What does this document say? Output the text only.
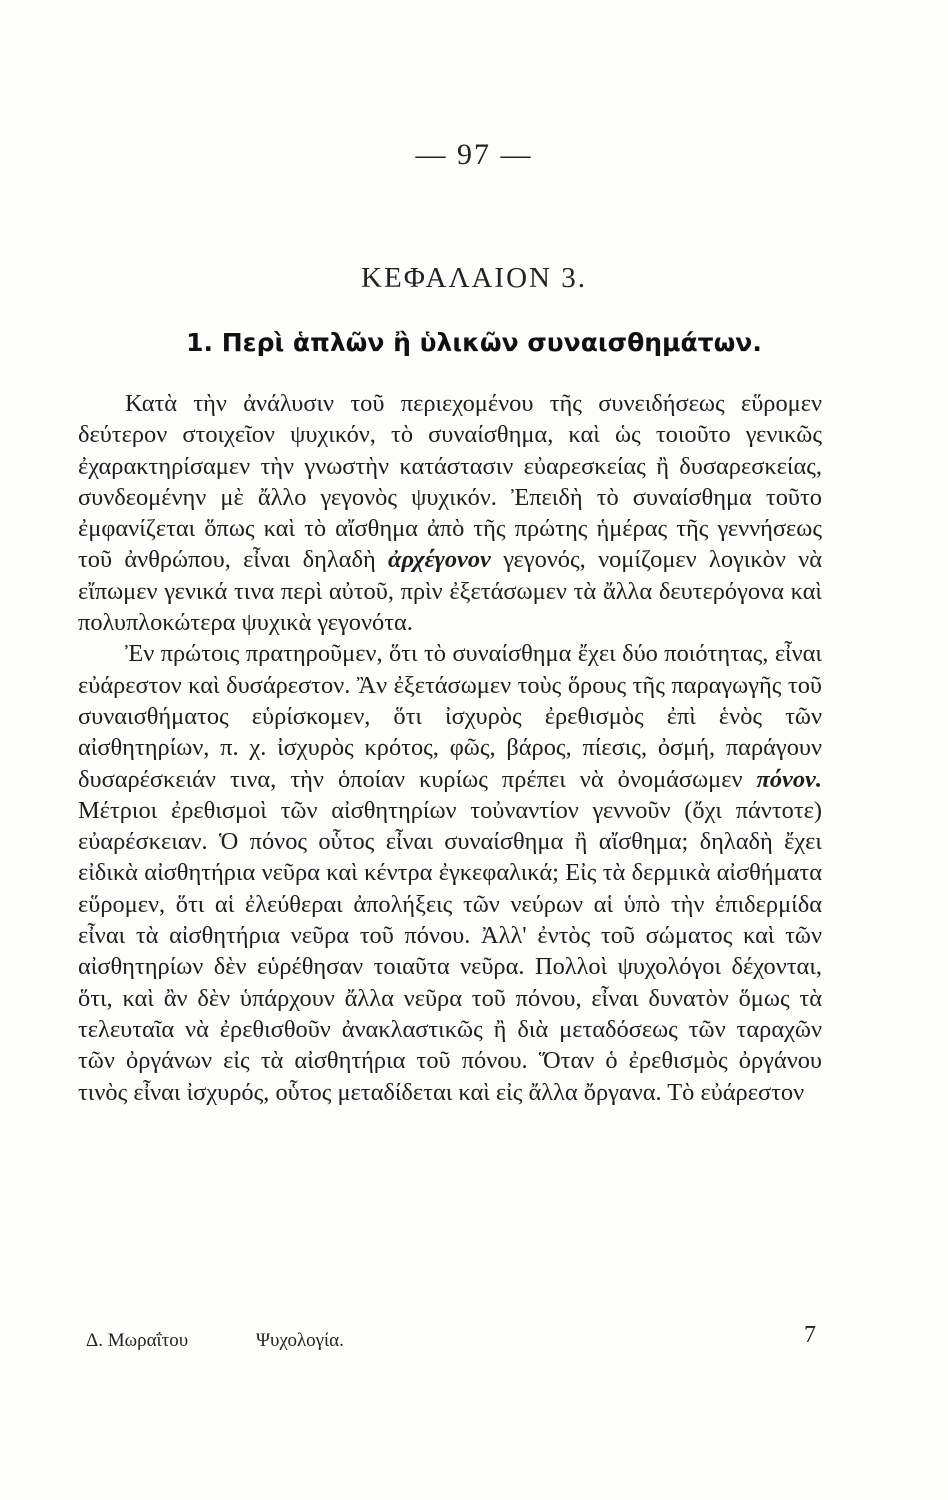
— 97 —
ΚΕΦΑΛΑΙΟΝ 3.
1. Περὶ ἁπλῶν ἢ ὑλικῶν συναισθημάτων.

Κατὰ τὴν ἀνάλυσιν τοῦ περιεχομένου τῆς συνειδήσεως εὕρομεν δεύτερον στοιχεῖον ψυχικόν, τὸ συναίσθημα, καὶ ὡς τοιοῦτο γενικῶς ἐχαρακτηρίσαμεν τὴν γνωστὴν κατάστασιν εὐαρεσκείας ἢ δυσαρεσκείας, συνδεομένην μὲ ἄλλο γεγονὸς ψυχικόν. Ἐπειδὴ τὸ συναίσθημα τοῦτο ἐμφανίζεται ὅπως καὶ τὸ αἴσθημα ἀπὸ τῆς πρώτης ἡμέρας τῆς γεννήσεως τοῦ ἀνθρώπου, εἶναι δηλαδὴ ἀρχέγονον γεγονός, νομίζομεν λογικὸν νὰ εἴπωμεν γενικά τινα περὶ αὐτοῦ, πρὶν ἐξετάσωμεν τὰ ἄλλα δευτερόγονα καὶ πολυπλοκώτερα ψυχικὰ γεγονότα.

Ἐν πρώτοις πρατηροῦμεν, ὅτι τὸ συναίσθημα ἔχει δύο ποιότητας, εἶναι εὐάρεστον καὶ δυσάρεστον. Ἂν ἐξετάσωμεν τοὺς ὅρους τῆς παραγωγῆς τοῦ συναισθήματος εὑρίσκομεν, ὅτι ἰσχυρὸς ἐρεθισμὸς ἐπὶ ἑνὸς τῶν αἰσθητηρίων, π. χ. ἰσχυρὸς κρότος, φῶς, βάρος, πίεσις, ὀσμή, παράγουν δυσαρέσκειάν τινα, τὴν ὁποίαν κυρίως πρέπει νὰ ὀνομάσωμεν πόνον. Μέτριοι ἐρεθισμοὶ τῶν αἰσθητηρίων τοὐναντίον γεννοῦν (ὄχι πάντοτε) εὐαρέσκειαν. Ὁ πόνος οὗτος εἶναι συναίσθημα ἢ αἴσθημα; δηλαδὴ ἔχει εἰδικὰ αἰσθητήρια νεῦρα καὶ κέντρα ἐγκεφαλικά; Εἰς τὰ δερμικὰ αἰσθήματα εὕρομεν, ὅτι αἱ ἐλεύθεραι ἀπολήξεις τῶν νεύρων αἱ ὑπὸ τὴν ἐπιδερμίδα εἶναι τὰ αἰσθητήρια νεῦρα τοῦ πόνου. Ἀλλ' ἐντὸς τοῦ σώματος καὶ τῶν αἰσθητηρίων δὲν εὑρέθησαν τοιαῦτα νεῦρα. Πολλοὶ ψυχολόγοι δέχονται, ὅτι, καὶ ἂν δὲν ὑπάρχουν ἄλλα νεῦρα τοῦ πόνου, εἶναι δυνατὸν ὅμως τὰ τελευταῖα νὰ ἐρεθισθοῦν ἀνακλαστικῶς ἢ διὰ μεταδόσεως τῶν ταραχῶν τῶν ὀργάνων εἰς τὰ αἰσθητήρια τοῦ πόνου. Ὅταν ὁ ἐρεθισμὸς ὀργάνου τινὸς εἶναι ἰσχυρός, οὗτος μεταδίδεται καὶ εἰς ἄλλα ὄργανα. Τὸ εὐάρεστον

Δ. Μωραΐτου	Ψυχολογία.	7
